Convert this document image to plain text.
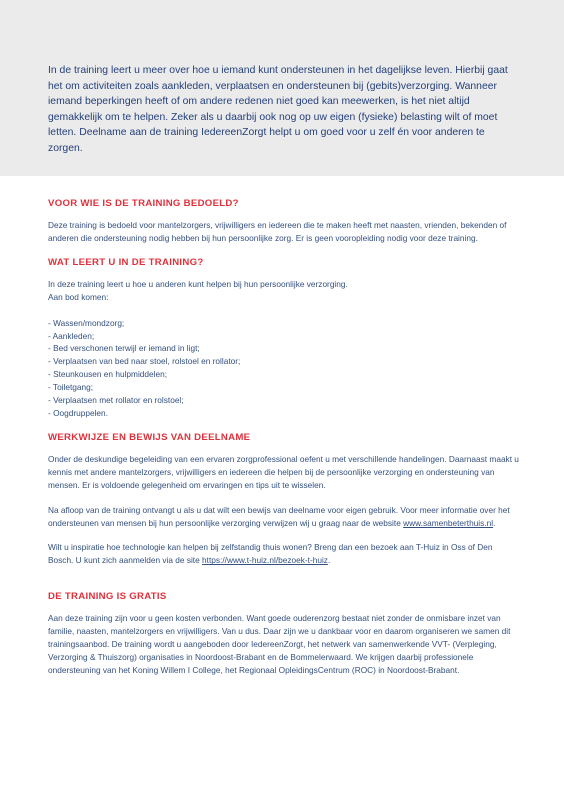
In de training leert u meer over hoe u iemand kunt ondersteunen in het dagelijkse leven. Hierbij gaat het om activiteiten zoals aankleden, verplaatsen en ondersteunen bij (gebits)verzorging. Wanneer iemand beperkingen heeft of om andere redenen niet goed kan meewerken, is het niet altijd gemakkelijk om te helpen. Zeker als u daarbij ook nog op uw eigen (fysieke) belasting wilt of moet letten. Deelname aan de training IedereenZorgt helpt u om goed voor u zelf én voor anderen te zorgen.

VOOR WIE IS DE TRAINING BEDOELD?

Deze training is bedoeld voor mantelzorgers, vrijwilligers en iedereen die te maken heeft met naasten, vrienden, bekenden of anderen die ondersteuning nodig hebben bij hun persoonlijke zorg. Er is geen vooropleiding nodig voor deze training.

WAT LEERT U IN DE TRAINING?

In deze training leert u hoe u anderen kunt helpen bij hun persoonlijke verzorging.

Aan bod komen:

- Wassen/mondzorg;
- Aankleden;
- Bed verschonen terwijl er iemand in ligt;
- Verplaatsen van bed naar stoel, rolstoel en rollator;
- Steunkousen en hulpmiddelen;
- Toiletgang;
- Verplaatsen met rollator en rolstoel;
- Oogdruppelen.
WERKWIJZE EN BEWIJS VAN DEELNAME

Onder de deskundige begeleiding van een ervaren zorgprofessional oefent u met verschillende handelingen. Daarnaast maakt u kennis met andere mantelzorgers, vrijwilligers en iedereen die helpen bij de persoonlijke verzorging en ondersteuning van mensen. Er is voldoende gelegenheid om ervaringen en tips uit te wisselen.

Na afloop van de training ontvangt u als u dat wilt een bewijs van deelname voor eigen gebruik. Voor meer informatie over het ondersteunen van mensen bij hun persoonlijke verzorging verwijzen wij u graag naar de website www.samenbeterthuis.nl.

Wilt u inspiratie hoe technologie kan helpen bij zelfstandig thuis wonen? Breng dan een bezoek aan T-Huiz in Oss of Den Bosch. U kunt zich aanmelden via de site https://www.t-huiz.nl/bezoek-t-huiz.

DE TRAINING IS GRATIS

Aan deze training zijn voor u geen kosten verbonden. Want goede ouderenzorg bestaat niet zonder de onmisbare inzet van familie, naasten, mantelzorgers en vrijwilligers. Van u dus. Daar zijn we u dankbaar voor en daarom organiseren we samen dit trainingsaanbod. De training wordt u aangeboden door IedereenZorgt, het netwerk van samenwerkende VVT- (Verpleging, Verzorging & Thuiszorg) organisaties in Noordoost-Brabant en de Bommelerwaard. We krijgen daarbij professionele ondersteuning van het Koning Willem I College, het Regionaal OpleidingsCentrum (ROC) in Noordoost-Brabant.
